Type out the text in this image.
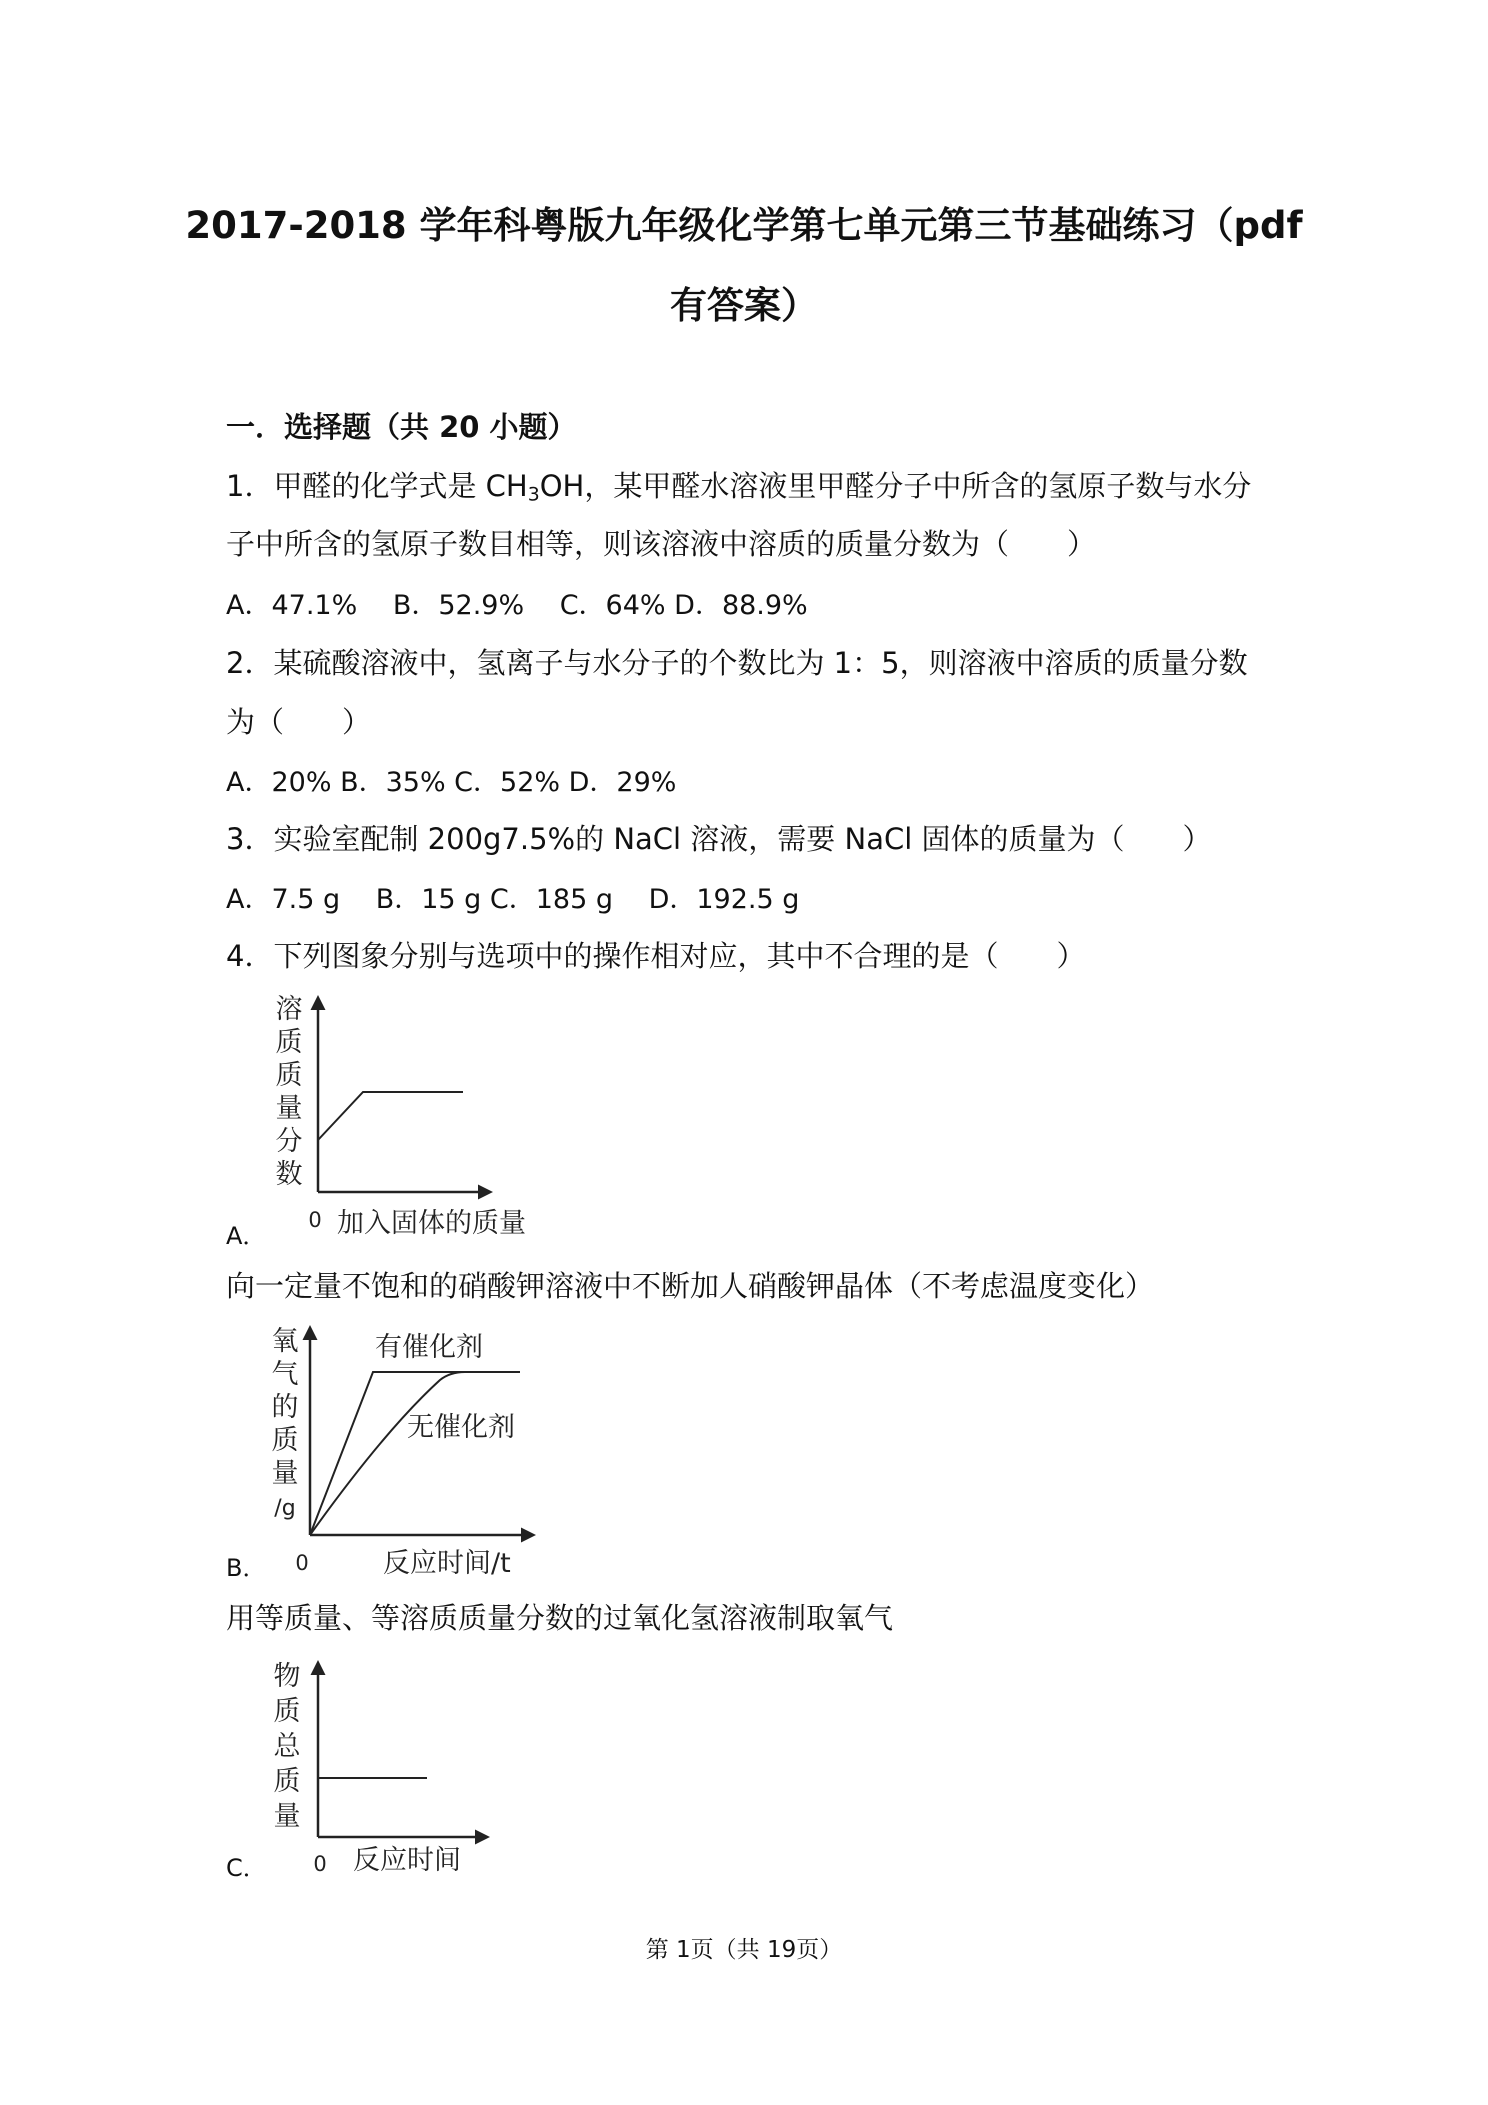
2017-2018 学年科粤版九年级化学第七单元第三节基础练习（pdf
有答案）
一．选择题（共 20 小题）
1．甲醛的化学式是 $CH_3OH$，某甲醛水溶液里甲醛分子中所含的氢原子数与水分
子中所含的氢原子数目相等，则该溶液中溶质的质量分数为（　　）
A．47.1%　 B．52.9%　 C．64% D．88.9%
2．某硫酸溶液中，氢离子与水分子的个数比为 1：5，则溶液中溶质的质量分数
为（　　）
A．20% B．35% C．52% D．29%
3．实验室配制 200g7.5%的 NaCl 溶液，需要 NaCl 固体的质量为（　　）
A．7.5 g　 B．15 g C．185 g　 D．192.5 g
4．下列图象分别与选项中的操作相对应，其中不合理的是（　　）
A．
溶质质量分数
0 加入固体的质量
向一定量不饱和的硝酸钾溶液中不断加人硝酸钾晶体（不考虑温度变化）
B．
氧气的质量/g
有催化剂
无催化剂
0	反应时间/t
用等质量、等溶质质量分数的过氧化氢溶液制取氧气
C．
物质总质量
0 反应时间
第 1页（共 19页）
